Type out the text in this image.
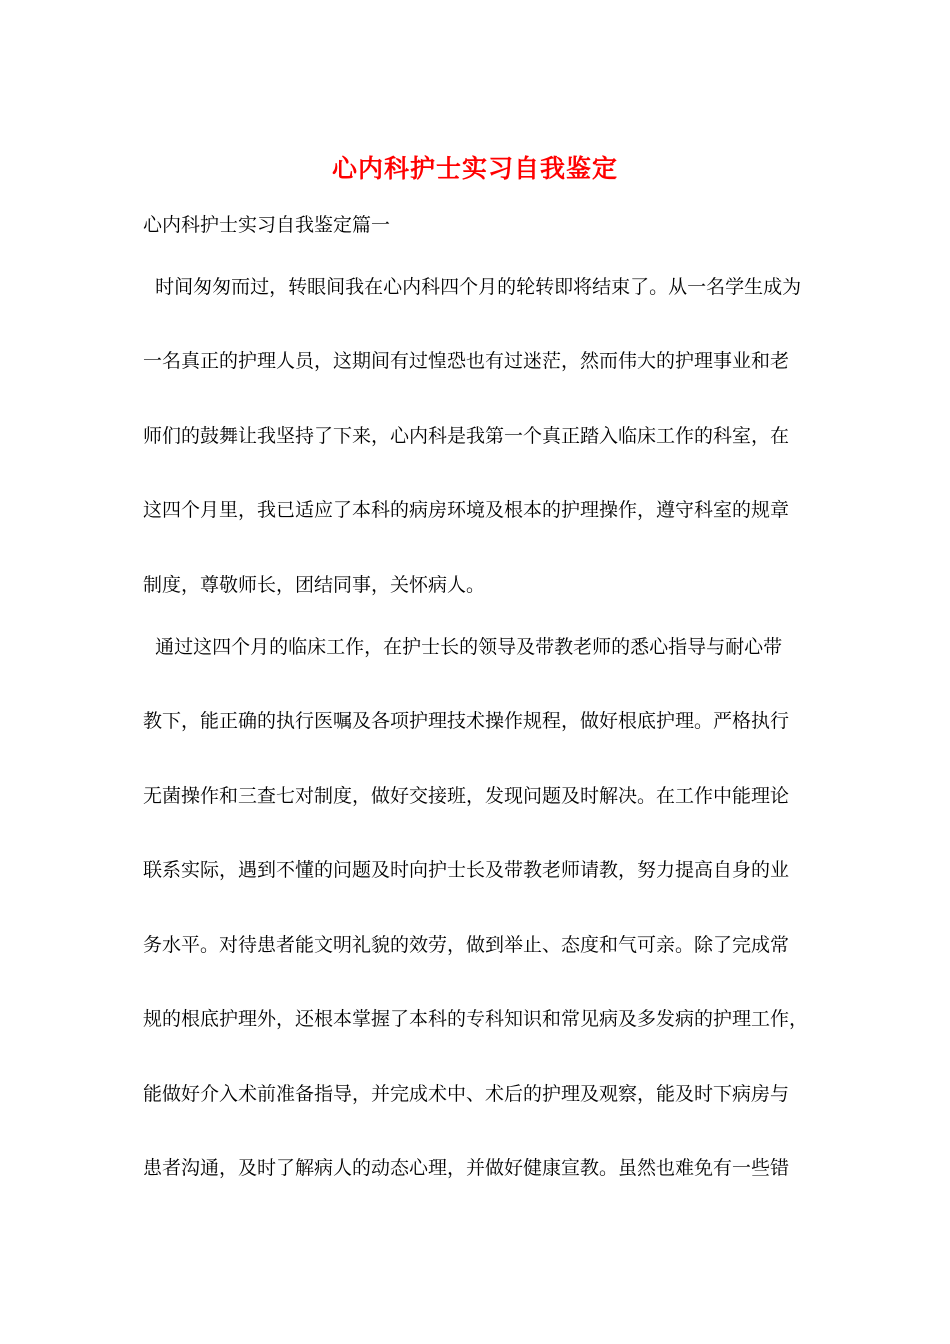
心内科护士实习自我鉴定
心内科护士实习自我鉴定篇一
时间匆匆而过，转眼间我在心内科四个月的轮转即将结束了。从一名学生成为
一名真正的护理人员，这期间有过惶恐也有过迷茫，然而伟大的护理事业和老
师们的鼓舞让我坚持了下来，心内科是我第一个真正踏入临床工作的科室，在
这四个月里，我已适应了本科的病房环境及根本的护理操作，遵守科室的规章
制度，尊敬师长，团结同事，关怀病人。
通过这四个月的临床工作，在护士长的领导及带教老师的悉心指导与耐心带
教下，能正确的执行医嘱及各项护理技术操作规程，做好根底护理。严格执行
无菌操作和三查七对制度，做好交接班，发现问题及时解决。在工作中能理论
联系实际，遇到不懂的问题及时向护士长及带教老师请教，努力提高自身的业
务水平。对待患者能文明礼貌的效劳，做到举止、态度和气可亲。除了完成常
规的根底护理外，还根本掌握了本科的专科知识和常见病及多发病的护理工作，
能做好介入术前准备指导，并完成术中、术后的护理及观察，能及时下病房与
患者沟通，及时了解病人的动态心理，并做好健康宣教。虽然也难免有一些错
